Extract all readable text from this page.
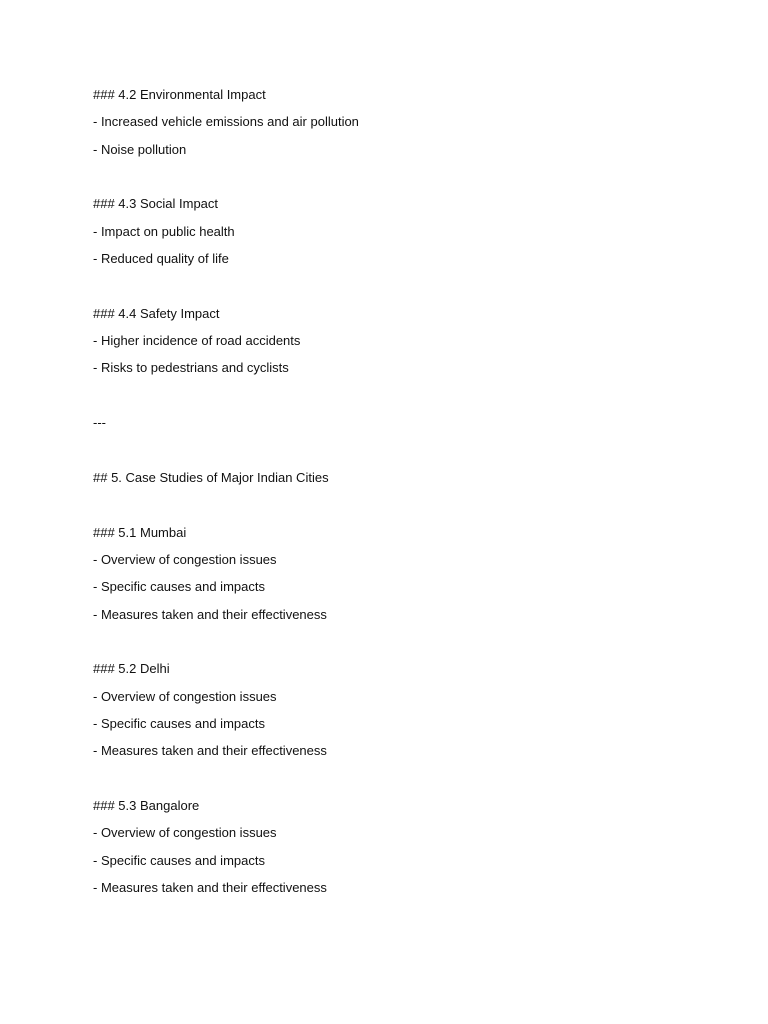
### 4.2 Environmental Impact

- Increased vehicle emissions and air pollution

- Noise pollution

### 4.3 Social Impact

- Impact on public health

- Reduced quality of life

### 4.4 Safety Impact

- Higher incidence of road accidents

- Risks to pedestrians and cyclists

---

## 5. Case Studies of Major Indian Cities

### 5.1 Mumbai

- Overview of congestion issues

- Specific causes and impacts

- Measures taken and their effectiveness

### 5.2 Delhi

- Overview of congestion issues

- Specific causes and impacts

- Measures taken and their effectiveness

### 5.3 Bangalore

- Overview of congestion issues

- Specific causes and impacts

- Measures taken and their effectiveness
